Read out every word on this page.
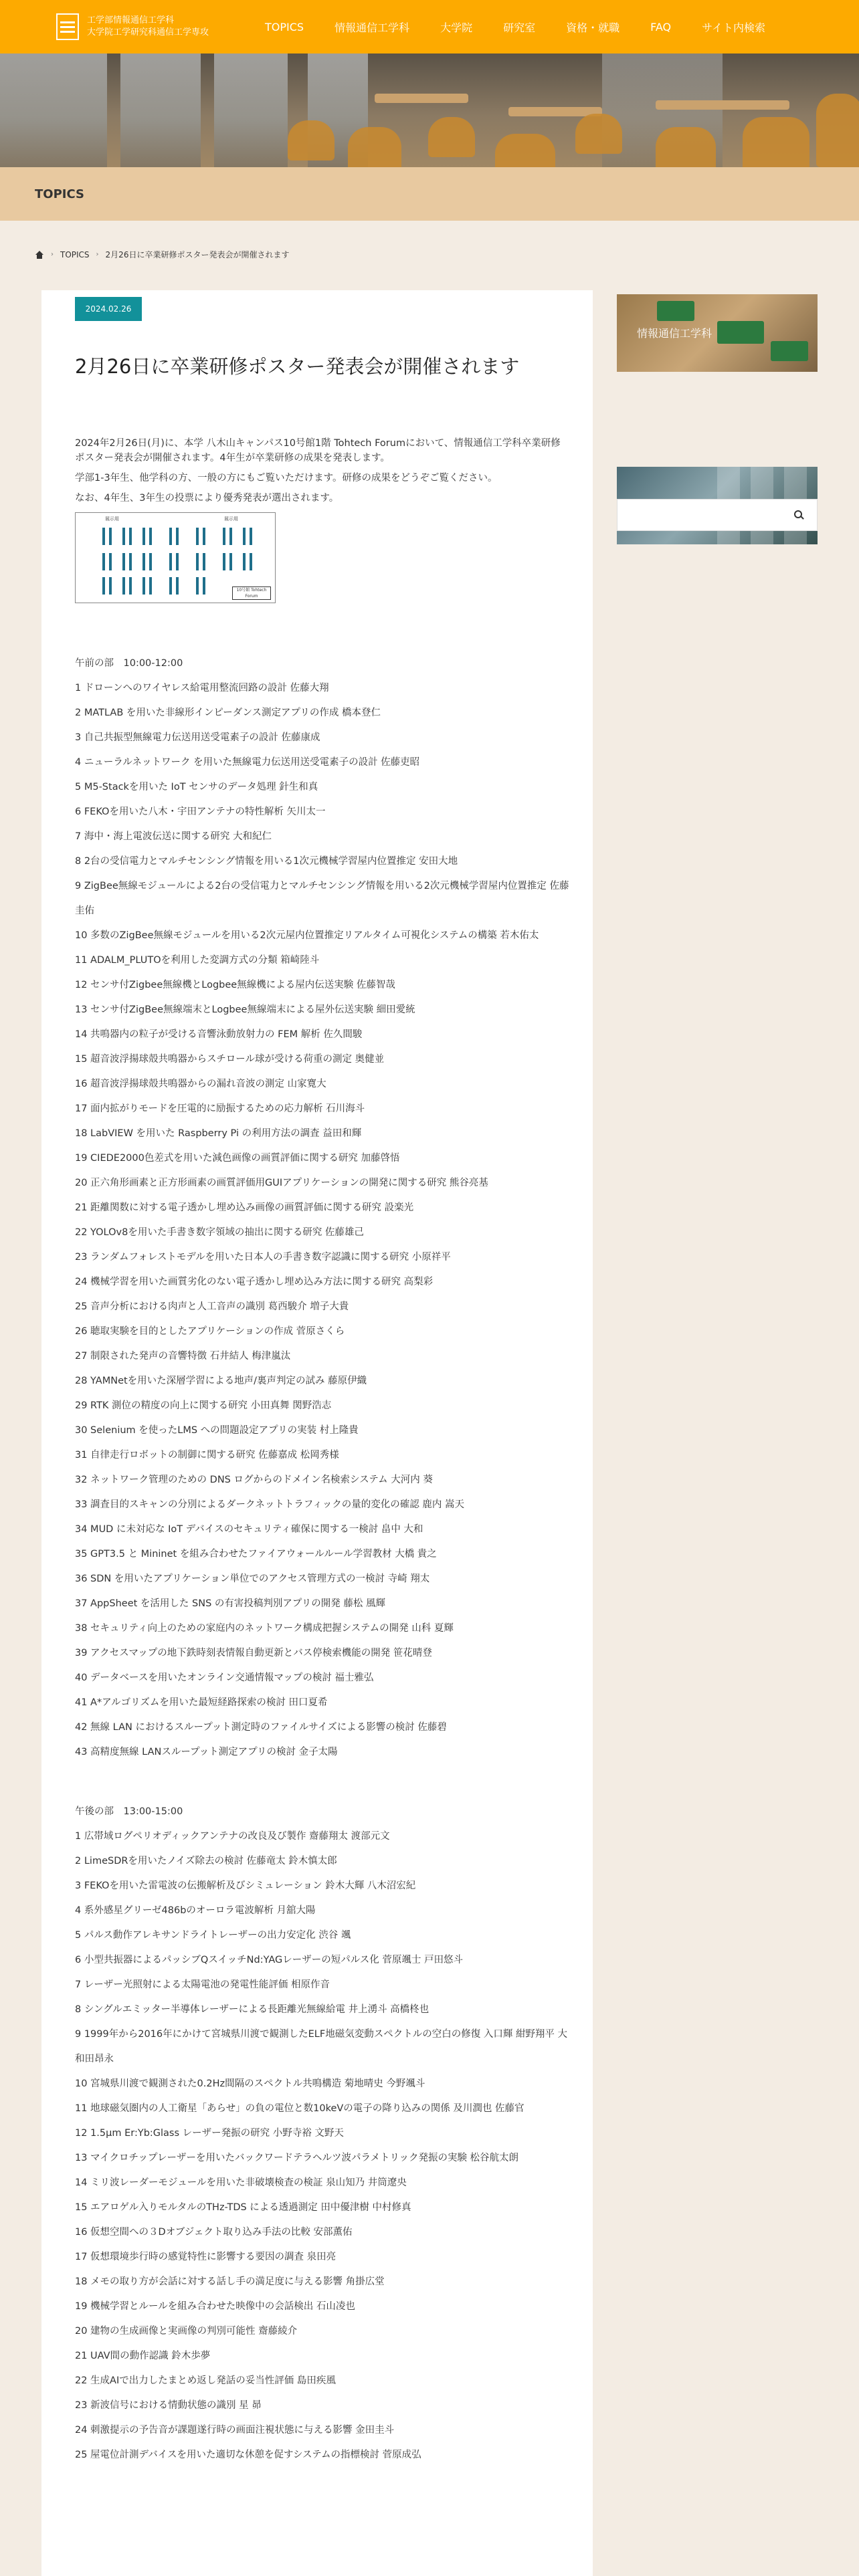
工学部情報通信工学科
大学院工学研究科通信工学専攻	TOPICS	情報通信工学科	大学院	研究室	資格・就職	FAQ	サイト内検索
TOPICS
› TOPICS › 2月26日に卒業研修ポスター発表会が開催されます
2024.02.26
2月26日に卒業研修ポスター発表会が開催されます

2024年2月26日(月)に、本学 八木山キャンパス10号館1階 Tohtech Forumにおいて、情報通信工学科卒業研修ポスター発表会が開催されます。4年生が卒業研修の成果を発表します。

学部1-3年生、他学科の方、一般の方にもご覧いただけます。研修の成果をどうぞご覧ください。

なお、4年生、3年生の投票により優秀発表が選出されます。

展示用	展示用
10号館 Tohtech Forum
午前の部　10:00-12:00
1 ドローンへのワイヤレス給電用整流回路の設計 佐藤大翔
2 MATLAB を用いた非線形インピーダンス測定アプリの作成 橋本登仁
3 自己共振型無線電力伝送用送受電素子の設計 佐藤康成
4 ニューラルネットワーク を用いた無線電力伝送用送受電素子の設計 佐藤吏昭
5 M5-Stackを用いた IoT センサのデータ処理 針生和真
6 FEKOを用いた八木・宇田アンテナの特性解析 矢川太一
7 海中・海上電波伝送に関する研究 大和紀仁
8 2台の受信電力とマルチセンシング情報を用いる1次元機械学習屋内位置推定 安田大地
9 ZigBee無線モジュールによる2台の受信電力とマルチセンシング情報を用いる2次元機械学習屋内位置推定 佐藤圭佑
10 多数のZigBee無線モジュールを用いる2次元屋内位置推定リアルタイム可視化システムの構築 若木佑太
11 ADALM_PLUTOを利用した変調方式の分類 箱崎陸斗
12 センサ付Zigbee無線機とLogbee無線機による屋内伝送実験 佐藤智哉
13 センサ付ZigBee無線端末とLogbee無線端末による屋外伝送実験 細田愛統
14 共鳴器内の粒子が受ける音響泳動放射力の FEM 解析 佐久間駿
15 超音波浮揚球殻共鳴器からスチロール球が受ける荷重の測定 奥健並
16 超音波浮揚球殻共鳴器からの漏れ音波の測定 山家寛大
17 面内拡がりモードを圧電的に励振するための応力解析 石川海斗
18 LabVIEW を用いた Raspberry Pi の利用方法の調査 益田和輝
19 CIEDE2000色差式を用いた減色画像の画質評価に関する研究 加藤啓悟
20 正六角形画素と正方形画素の画質評価用GUIアプリケーションの開発に関する研究 熊谷亮基
21 距離関数に対する電子透かし埋め込み画像の画質評価に関する研究 設楽光
22 YOLOv8を用いた手書き数字領域の抽出に関する研究 佐藤雄己
23 ランダムフォレストモデルを用いた日本人の手書き数字認識に関する研究 小原祥平
24 機械学習を用いた画質劣化のない電子透かし埋め込み方法に関する研究 高梨彩
25 音声分析における肉声と人工音声の識別 葛西駿介 増子大貴
26 聴取実験を目的としたアプリケーションの作成 菅原さくら
27 制限された発声の音響特徴 石井結人 梅津嵐汰
28 YAMNetを用いた深層学習による地声/裏声判定の試み 藤原伊織
29 RTK 測位の精度の向上に関する研究 小田真舞 関野浩志
30 Selenium を使ったLMS への問題設定アプリの実装 村上隆貴
31 自律走行ロボットの制御に関する研究 佐藤嘉成 松岡秀様
32 ネットワーク管理のための DNS ログからのドメイン名検索システム 大河内 葵
33 調査目的スキャンの分別によるダークネットトラフィックの量的変化の確認 鹿内 嵩天
34 MUD に未対応な IoT デバイスのセキュリティ確保に関する一検討 畠中 大和
35 GPT3.5 と Mininet を組み合わせたファイアウォールルール学習教材 大橋 貴之
36 SDN を用いたアプリケーション単位でのアクセス管理方式の一検討 寺崎 翔太
37 AppSheet を活用した SNS の有害投稿判別アプリの開発 藤松 風輝
38 セキュリティ向上のための家庭内のネットワーク構成把握システムの開発 山科 夏輝
39 アクセスマップの地下鉄時刻表情報自動更新とバス停検索機能の開発 笹花晴登
40 データベースを用いたオンライン交通情報マップの検討 福士雅弘
41 A*アルゴリズムを用いた最短経路探索の検討 田口夏希
42 無線 LAN におけるスループット測定時のファイルサイズによる影響の検討 佐藤碧
43 高精度無線 LANスループット測定アプリの検討 金子太陽
午後の部　13:00-15:00
1 広帯域ログペリオディックアンテナの改良及び製作 齋藤翔太 渡部元文
2 LimeSDRを用いたノイズ除去の検討 佐藤竜太 鈴木慎太郎
3 FEKOを用いた雷電波の伝搬解析及びシミュレーション 鈴木大輝 八木沼宏紀
4 系外感星グリーゼ486bのオーロラ電波解析 月舘大陽
5 パルス動作アレキサンドライトレーザーの出力安定化 渋谷 颯
6 小型共振器によるパッシブQスイッチNd:YAGレーザーの短パルス化 菅原颯士 戸田悠斗
7 レーザー光照射による太陽電池の発電性能評価 相原作音
8 シングルエミッター半導体レーザーによる長距離光無線給電 井上湧斗 高橋柊也
9 1999年から2016年にかけて宮城県川渡で観測したELF地磁気変動スペクトルの空白の修復 入口輝 紺野翔平 大和田昂永
10 宮城県川渡で観測された0.2Hz間隔のスペクトル共鳴構造 菊地晴史 今野颯斗
11 地球磁気圏内の人工衛星「あらせ」の負の電位と数10keVの電子の降り込みの関係 及川潤也 佐藤官
12 1.5μm Er:Yb:Glass レーザー発振の研究 小野寺裕 文野天
13 マイクロチップレーザーを用いたバックワードテラヘルツ波パラメトリック発振の実験 松谷航太朗
14 ミリ波レーダーモジュールを用いた非破壊検査の検証 泉山知乃 井筒遼央
15 エアロゲル入りモルタルのTHz-TDS による透過測定 田中優津樹 中村修真
16 仮想空間への３Dオブジェクト取り込み手法の比較 安部薫佑
17 仮想環境歩行時の感覚特性に影響する要因の調査 泉田亮
18 メモの取り方が会話に対する話し手の満足度に与える影響 角掛広堂
19 機械学習とルールを組み合わせた映像中の会話検出 石山凌也
20 建物の生成画像と実画像の判別可能性 齋藤綾介
21 UAV間の動作認識 鈴木歩夢
22 生成AIで出力したまとめ返し発話の妥当性評価 島田疾風
23 新波信号における情動状態の識別 星 昴
24 刺激提示の予告音が課題遂行時の画面注視状態に与える影響 金田圭斗
25 屋電位計測デバイスを用いた適切な休憩を促すシステムの指標検討 菅原成弘
情報通信工学科
